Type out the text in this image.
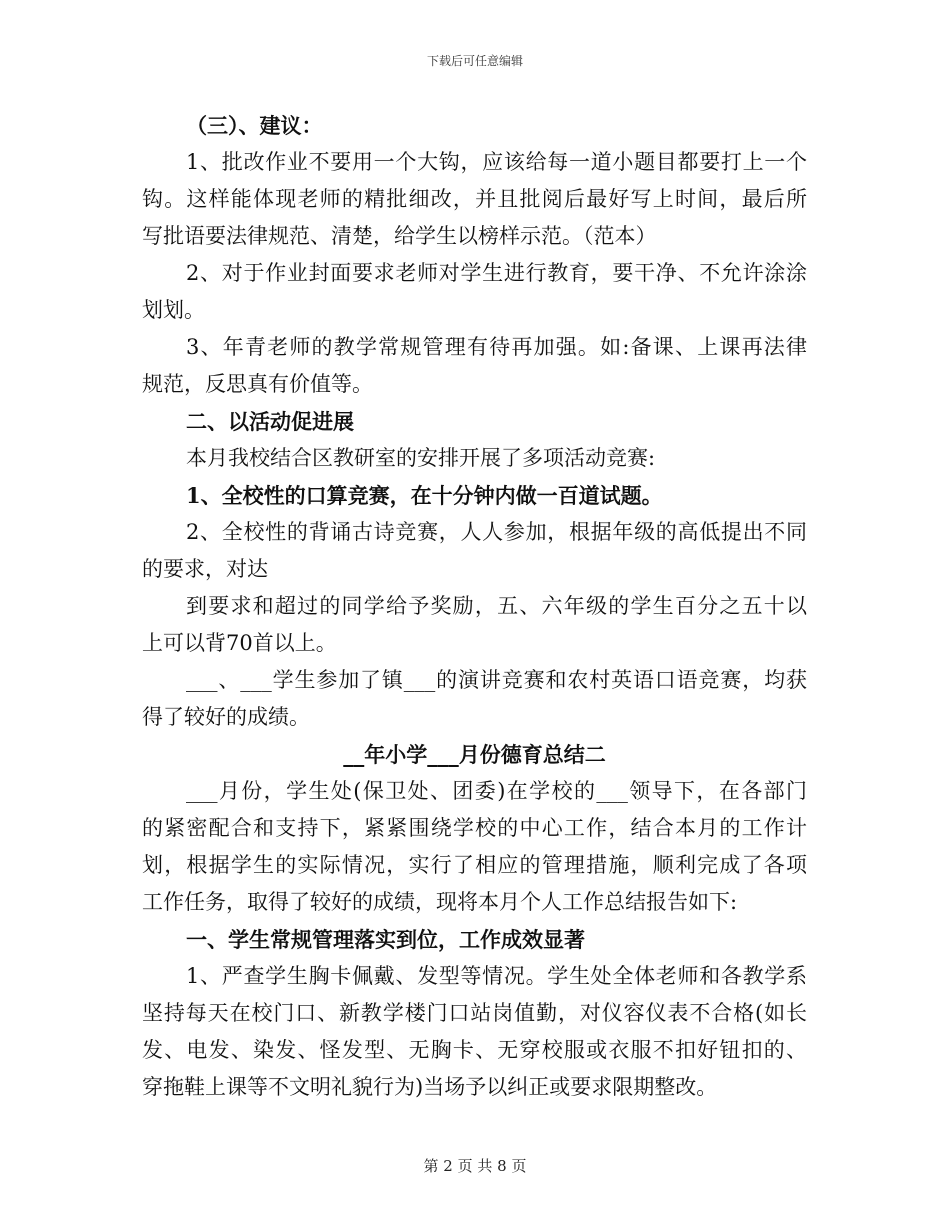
下载后可任意编辑
（三）、建议：
1、批改作业不要用一个大钩，应该给每一道小题目都要打上一个
钩。这样能体现老师的精批细改，并且批阅后最好写上时间，最后所
写批语要法律规范、清楚，给学生以榜样示范。（范本）
2、对于作业封面要求老师对学生进行教育，要干净、不允许涂涂
划划。
3、年青老师的教学常规管理有待再加强。如:备课、上课再法律
规范，反思真有价值等。
二、以活动促进展
本月我校结合区教研室的安排开展了多项活动竞赛:
1、全校性的口算竞赛，在十分钟内做一百道试题。
2、全校性的背诵古诗竞赛，人人参加，根据年级的高低提出不同
的要求，对达
到要求和超过的同学给予奖励，五、六年级的学生百分之五十以
上可以背70首以上。
___、___学生参加了镇___的演讲竞赛和农村英语口语竞赛，均获
得了较好的成绩。
__年小学___月份德育总结二
___月份，学生处(保卫处、团委)在学校的___领导下，在各部门
的紧密配合和支持下，紧紧围绕学校的中心工作，结合本月的工作计
划，根据学生的实际情况，实行了相应的管理措施，顺利完成了各项
工作任务，取得了较好的成绩，现将本月个人工作总结报告如下:
一、学生常规管理落实到位，工作成效显著
1、严查学生胸卡佩戴、发型等情况。学生处全体老师和各教学系
坚持每天在校门口、新教学楼门口站岗值勤，对仪容仪表不合格(如长
发、电发、染发、怪发型、无胸卡、无穿校服或衣服不扣好钮扣的、
穿拖鞋上课等不文明礼貌行为)当场予以纠正或要求限期整改。
第 2 页 共 8 页
